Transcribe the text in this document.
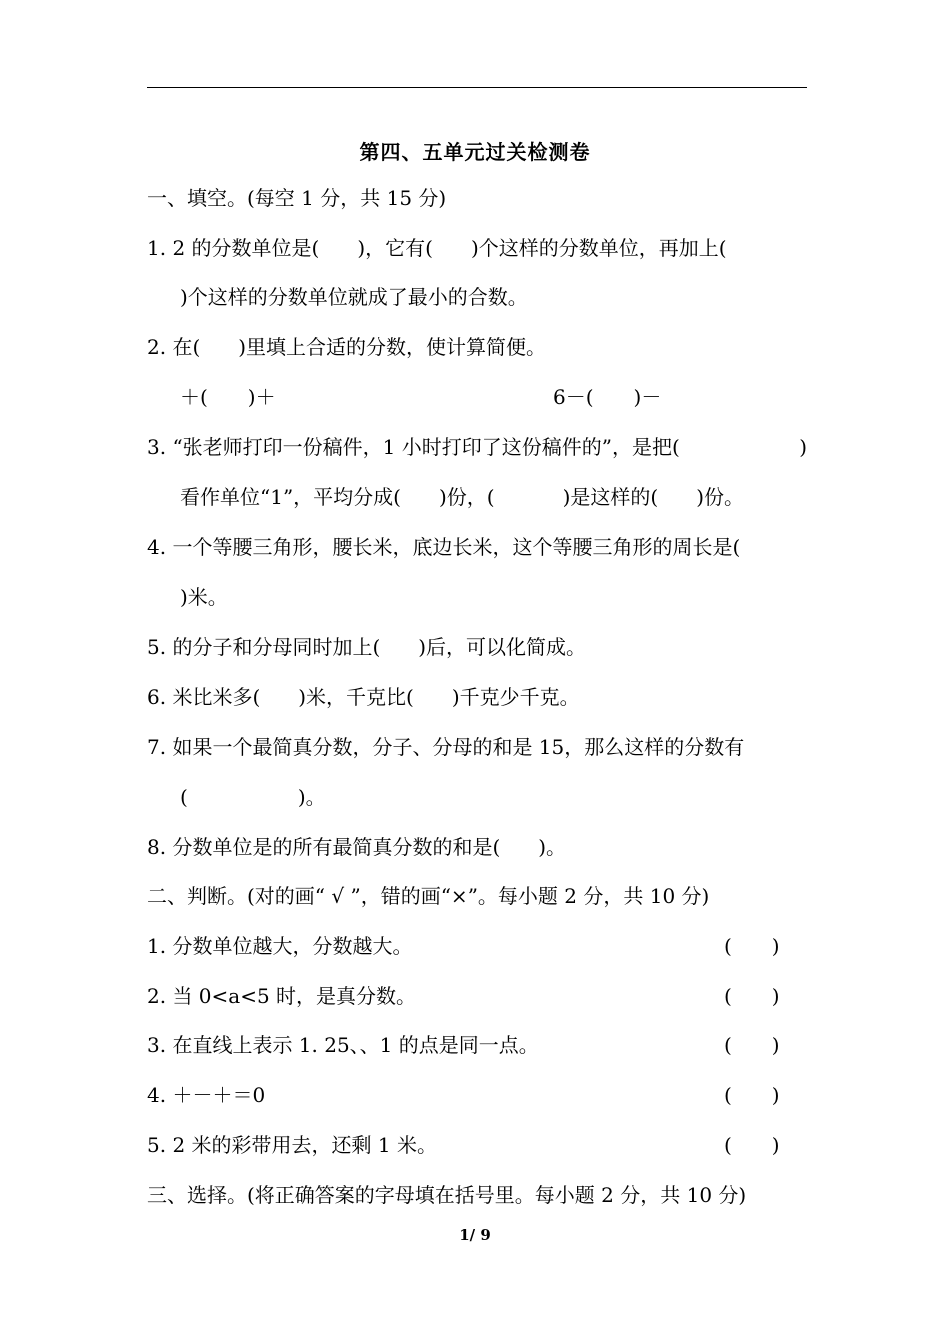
第四、五单元过关检测卷
一、填空。(每空 1 分，共 15 分)
1. 2 的分数单位是( )，它有( )个这样的分数单位，再加上(
)个这样的分数单位就成了最小的合数。
2. 在( )里填上合适的分数，使计算简便。
＋(　　)＋	6－(　　)－
3. “张老师打印一份稿件，1 小时打印了这份稿件的”，是把(	)
看作单位“1”，平均分成( )份，(	)是这样的( )份。
4. 一个等腰三角形，腰长米，底边长米，这个等腰三角形的周长是(
)米。
5. 的分子和分母同时加上( )后，可以化简成。
6. 米比米多( )米，千克比( )千克少千克。
7. 如果一个最简真分数，分子、分母的和是 15，那么这样的分数有
(	)。
8. 分数单位是的所有最简真分数的和是( )。
二、判断。(对的画“ √ ”，错的画“×”。每小题 2 分，共 10 分)
1. 分数单位越大，分数越大。	(　　)
2. 当 0<a<5 时，是真分数。	(　　)
3. 在直线上表示 1. 25、、1 的点是同一点。	(　　)
4. ＋－＋＝0	(　　)
5. 2 米的彩带用去，还剩 1 米。	(　　)
三、选择。(将正确答案的字母填在括号里。每小题 2 分，共 10 分)
1/ 9
